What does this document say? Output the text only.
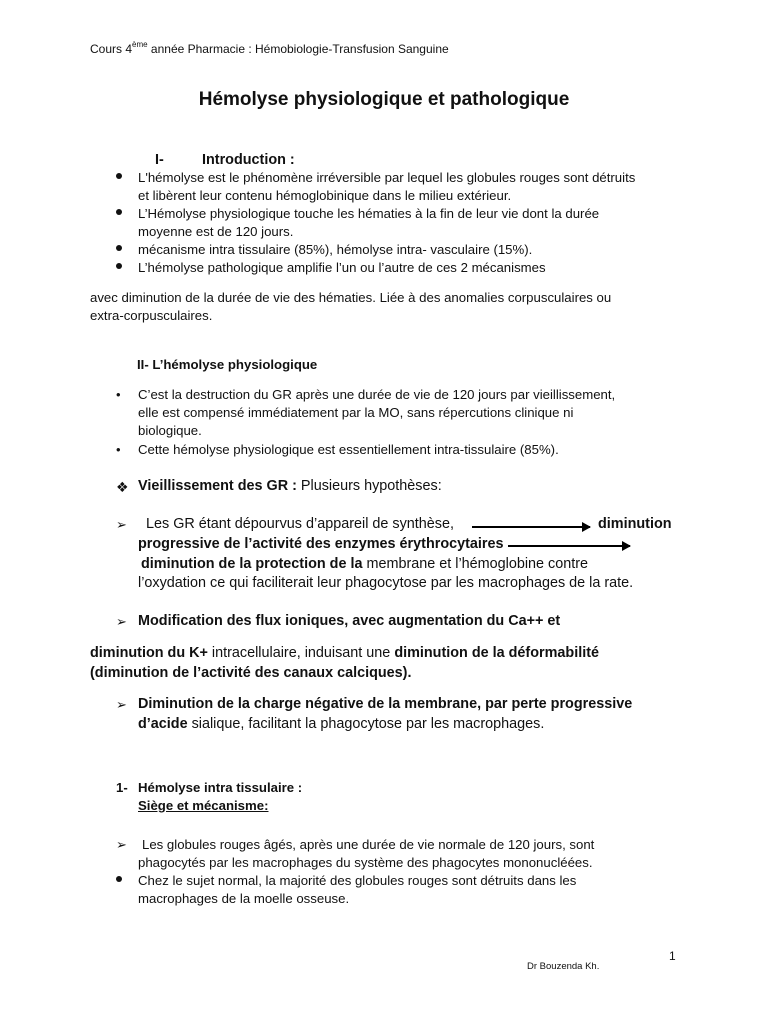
Cours 4ème année Pharmacie : Hémobiologie-Transfusion Sanguine
Hémolyse physiologique et pathologique
I-	Introduction :
L'hémolyse est le phénomène irréversible par lequel les globules rouges sont détruits
et libèrent leur contenu hémoglobinique dans le milieu extérieur.
L’Hémolyse physiologique touche les hématies à la fin de leur vie dont la durée
moyenne est de 120 jours.
mécanisme intra tissulaire (85%), hémolyse intra- vasculaire (15%).
L’hémolyse pathologique amplifie l’un ou l’autre de ces 2 mécanismes
avec diminution de la durée de vie des hématies. Liée à des anomalies corpusculaires ou
extra-corpusculaires.
II- L’hémolyse physiologique
• C’est la destruction du GR après une durée de vie de 120 jours par vieillissement,
elle est compensé immédiatement par la MO, sans répercutions clinique ni
biologique.
• Cette hémolyse physiologique est essentiellement intra-tissulaire (85%).
❖ Vieillissement des GR : Plusieurs hypothèses:
➢ Les GR étant dépourvus d’appareil de synthèse,	diminution
progressive de l’activité des enzymes érythrocytaires
diminution de la protection de la membrane et l’hémoglobine contre
l’oxydation ce qui faciliterait leur phagocytose par les macrophages de la rate.
➢ Modification des flux ioniques, avec augmentation du Ca++ et
diminution du K+ intracellulaire, induisant une diminution de la déformabilité
(diminution de l’activité des canaux calciques).
➢ Diminution de la charge négative de la membrane, par perte progressive
d’acide sialique, facilitant la phagocytose par les macrophages.
1- Hémolyse intra tissulaire :
Siège et mécanisme:
➢ Les globules rouges âgés, après une durée de vie normale de 120 jours, sont
phagocytés par les macrophages du système des phagocytes mononucléées.
Chez le sujet normal, la majorité des globules rouges sont détruits dans les
macrophages de la moelle osseuse.
1
Dr Bouzenda Kh.
